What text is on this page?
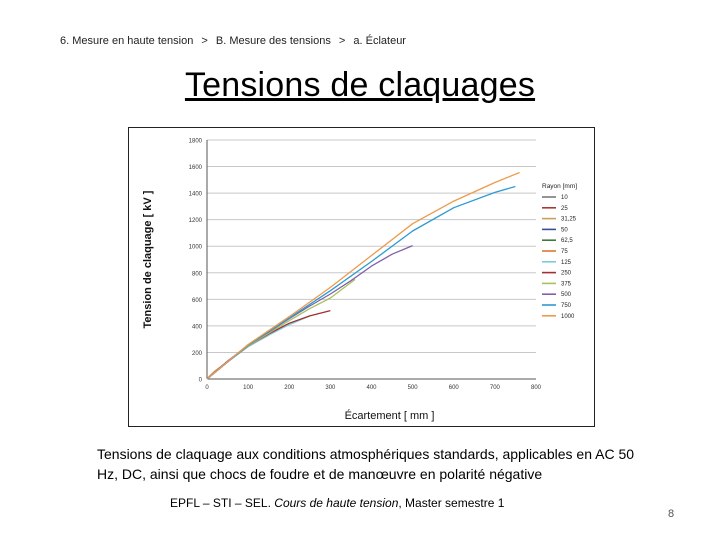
6. Mesure en haute tension > B. Mesure des tensions > a. Éclateur
Tensions de claquages
0
200
400
600
800
1000
1200
1400
1600
1800
0	100	200	300	400	500	600	700	800
Écartement [ mm ]
Tension de claquage [ kV ]
Rayon [mm]
10
25
31,25
50
62,5
75
125
250
375
500
750
1000
Tensions de claquage aux conditions atmosphériques standards, applicables en AC 50 Hz, DC, ainsi que chocs de foudre et de manœuvre en polarité négative
EPFL – STI – SEL. Cours de haute tension, Master semestre 1
8
